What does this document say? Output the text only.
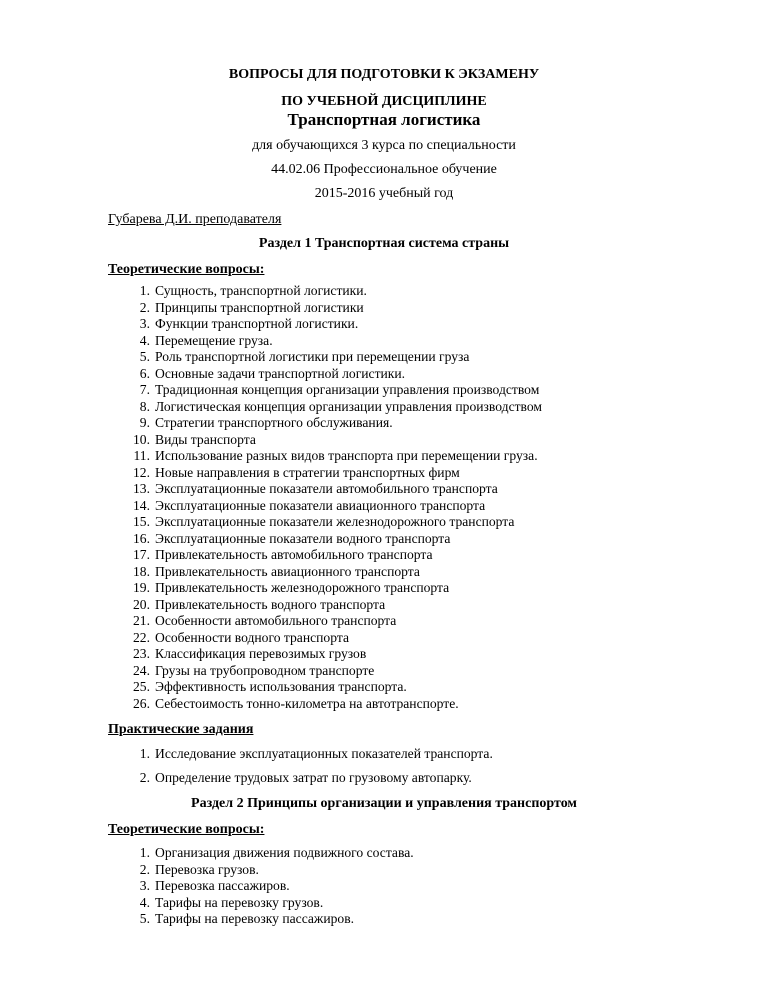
ВОПРОСЫ ДЛЯ ПОДГОТОВКИ К ЭКЗАМЕНУ

ПО УЧЕБНОЙ ДИСЦИПЛИНЕ

Транспортная логистика

для обучающихся 3 курса по специальности

44.02.06 Профессиональное обучение

2015-2016 учебный год

Губарева Д.И. преподавателя

Раздел 1 Транспортная система страны

Теоретические вопросы:

1. Сущность, транспортной логистики.
2. Принципы транспортной логистики
3. Функции транспортной логистики.
4. Перемещение груза.
5. Роль транспортной логистики при перемещении груза
6. Основные задачи транспортной логистики.
7. Традиционная концепция организации управления производством
8. Логистическая концепция организации управления производством
9. Стратегии транспортного обслуживания.
10. Виды транспорта
11. Использование разных видов транспорта при перемещении груза.
12. Новые направления в стратегии транспортных фирм
13. Эксплуатационные показатели автомобильного транспорта
14. Эксплуатационные показатели авиационного транспорта
15. Эксплуатационные показатели железнодорожного транспорта
16. Эксплуатационные показатели водного транспорта
17. Привлекательность автомобильного транспорта
18. Привлекательность авиационного транспорта
19. Привлекательность железнодорожного транспорта
20. Привлекательность водного транспорта
21. Особенности автомобильного транспорта
22. Особенности водного транспорта
23. Классификация перевозимых грузов
24. Грузы на трубопроводном транспорте
25. Эффективность использования транспорта.
26. Себестоимость тонно-километра на автотранспорте.

Практические задания

1. Исследование эксплуатационных показателей транспорта.
2. Определение трудовых затрат по грузовому автопарку.

Раздел 2 Принципы организации и управления транспортом

Теоретические вопросы:

1. Организация движения подвижного состава.
2. Перевозка грузов.
3. Перевозка пассажиров.
4. Тарифы на перевозку грузов.
5. Тарифы на перевозку пассажиров.
